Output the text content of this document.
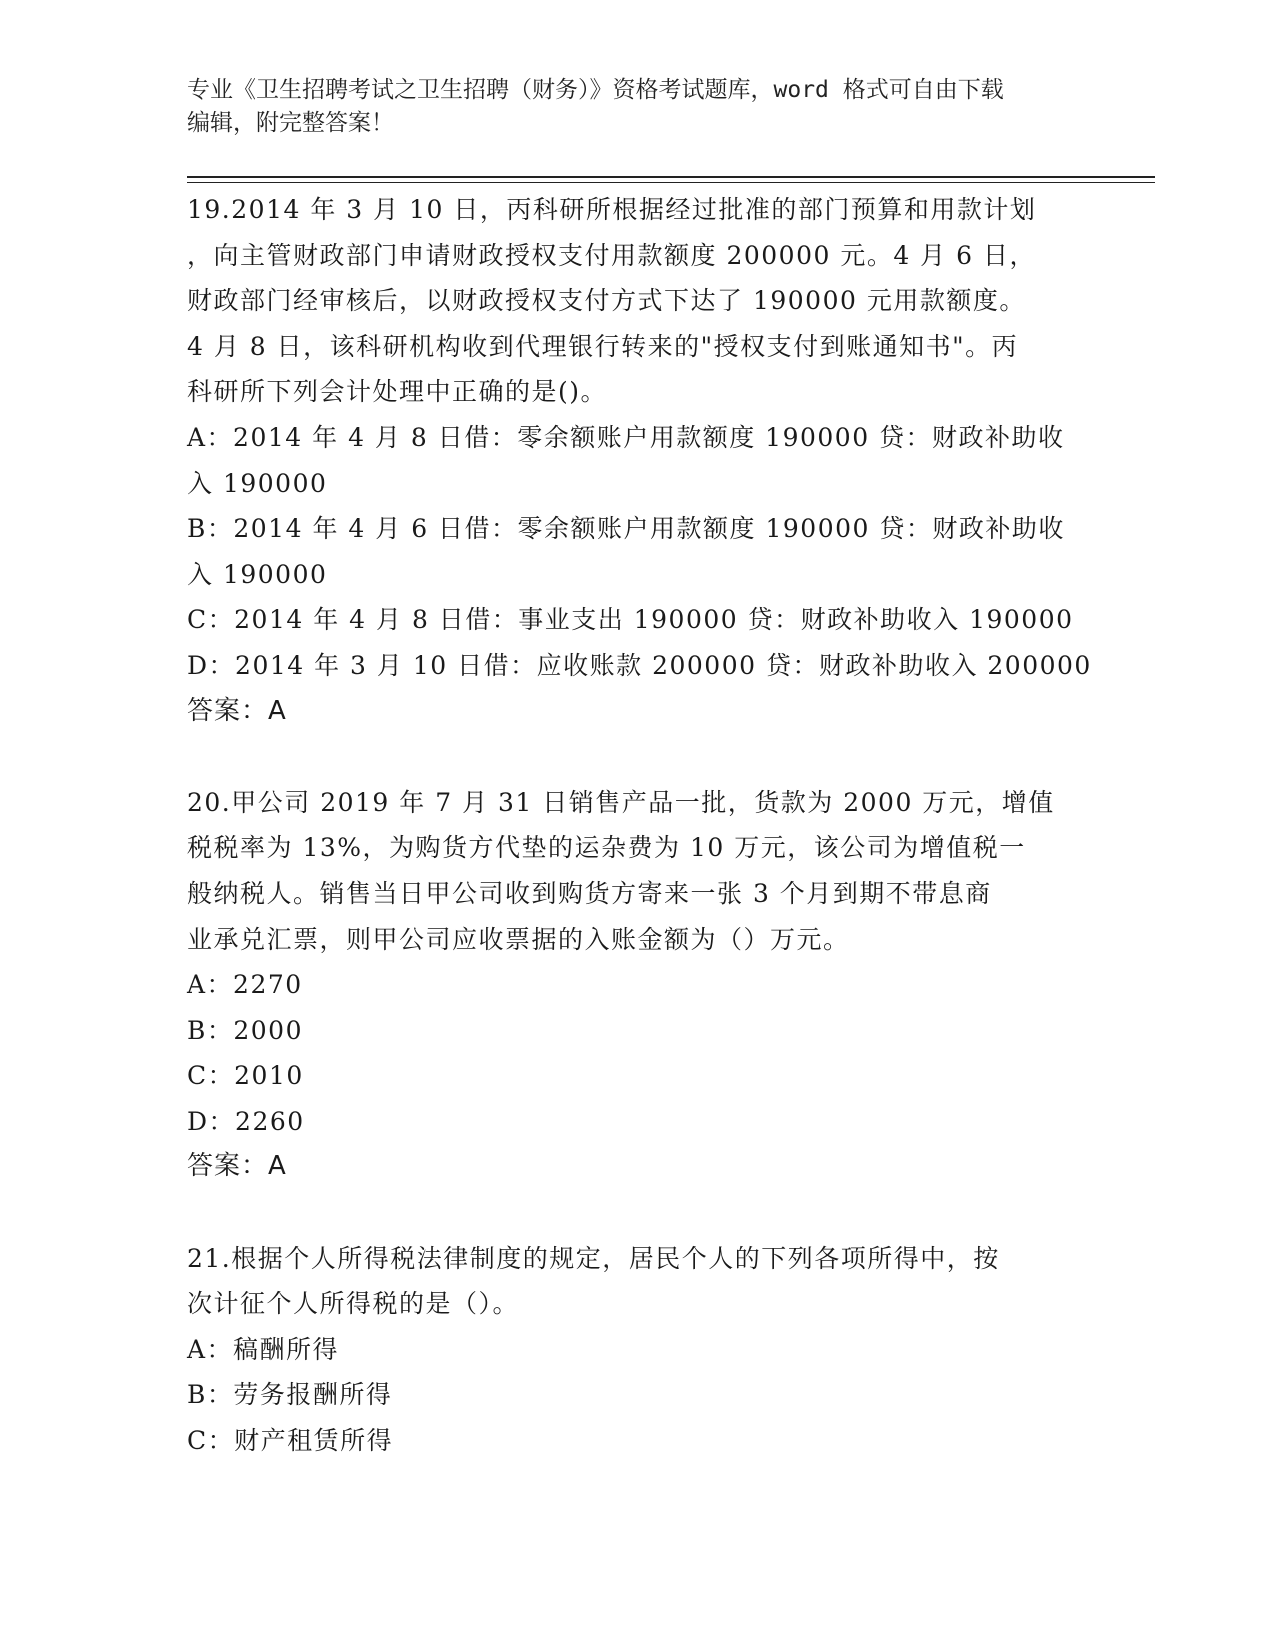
专业《卫生招聘考试之卫生招聘（财务）》资格考试题库，word 格式可自由下载
编辑，附完整答案！
19.2014 年 3 月 10 日，丙科研所根据经过批准的部门预算和用款计划
，向主管财政部门申请财政授权支付用款额度 200000 元。4 月 6 日，
财政部门经审核后，以财政授权支付方式下达了 190000 元用款额度。
4 月 8 日，该科研机构收到代理银行转来的"授权支付到账通知书"。丙
科研所下列会计处理中正确的是()。
A：2014 年 4 月 8 日借：零余额账户用款额度 190000 贷：财政补助收
入 190000
B：2014 年 4 月 6 日借：零余额账户用款额度 190000 贷：财政补助收
入 190000
C：2014 年 4 月 8 日借：事业支出 190000 贷：财政补助收入 190000
D：2014 年 3 月 10 日借：应收账款 200000 贷：财政补助收入 200000
答案：A
20.甲公司 2019 年 7 月 31 日销售产品一批，货款为 2000 万元，增值
税税率为 13%，为购货方代垫的运杂费为 10 万元，该公司为增值税一
般纳税人。销售当日甲公司收到购货方寄来一张 3 个月到期不带息商
业承兑汇票，则甲公司应收票据的入账金额为（）万元。
A：2270
B：2000
C：2010
D：2260
答案：A
21.根据个人所得税法律制度的规定，居民个人的下列各项所得中，按
次计征个人所得税的是（）。
A：稿酬所得
B：劳务报酬所得
C：财产租赁所得
